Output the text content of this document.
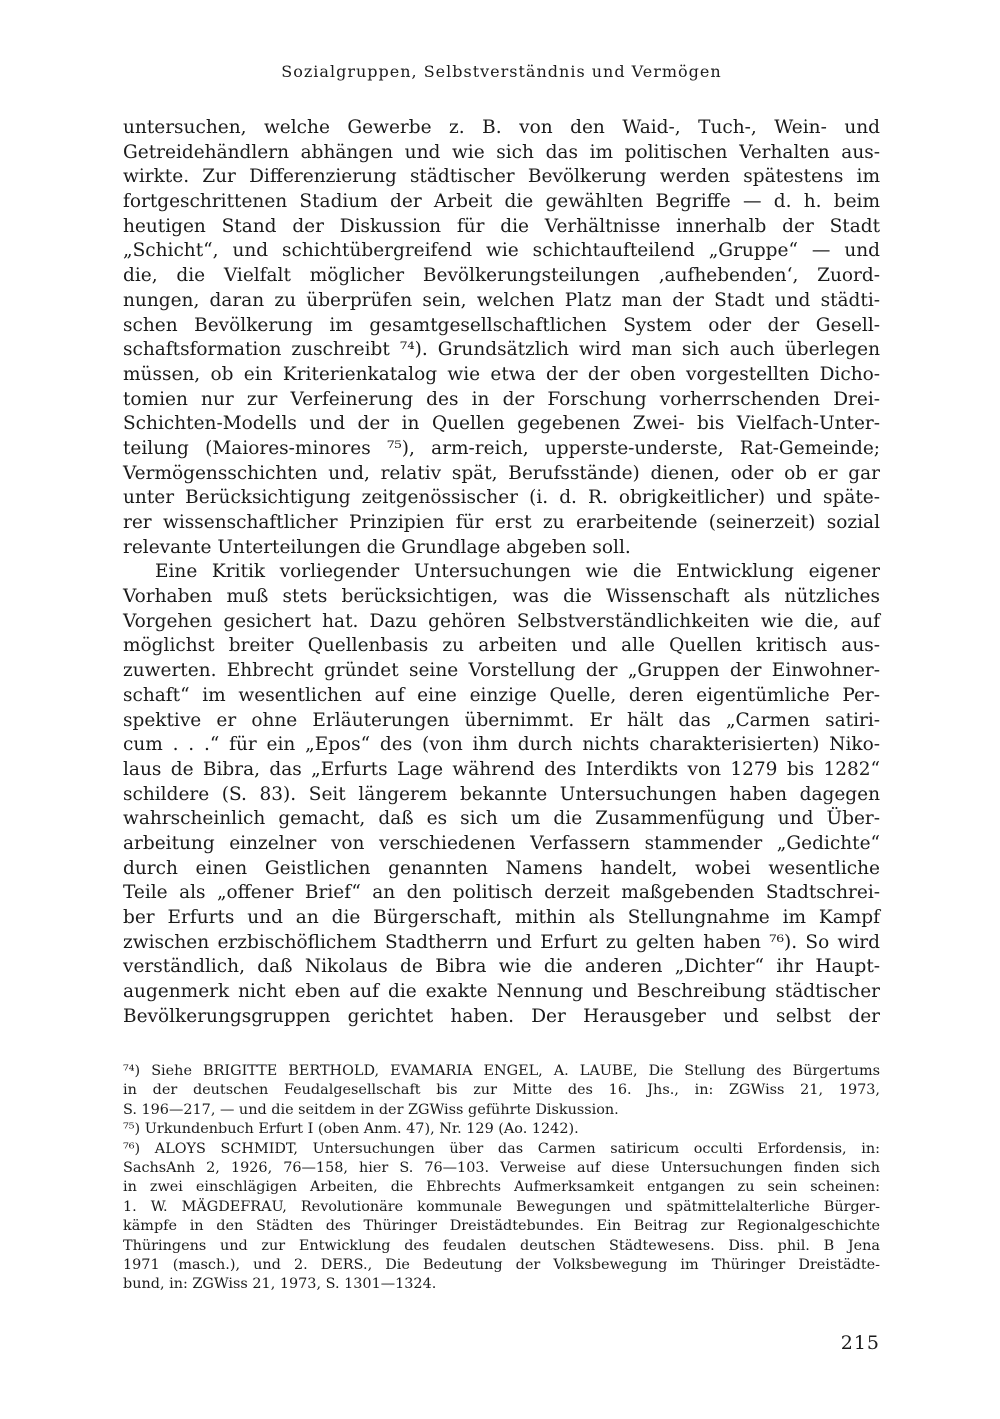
Sozialgruppen, Selbstverständnis und Vermögen
untersuchen, welche Gewerbe z. B. von den Waid-, Tuch-, Wein- und
Getreidehändlern abhängen und wie sich das im politischen Verhalten aus-
wirkte. Zur Differenzierung städtischer Bevölkerung werden spätestens im
fortgeschrittenen Stadium der Arbeit die gewählten Begriffe — d. h. beim
heutigen Stand der Diskussion für die Verhältnisse innerhalb der Stadt
„Schicht“, und schichtübergreifend wie schichtaufteilend „Gruppe“ — und
die, die Vielfalt möglicher Bevölkerungsteilungen ‚aufhebenden‘, Zuord-
nungen, daran zu überprüfen sein, welchen Platz man der Stadt und städti-
schen Bevölkerung im gesamtgesellschaftlichen System oder der Gesell-
schaftsformation zuschreibt ⁷⁴). Grundsätzlich wird man sich auch überlegen
müssen, ob ein Kriterienkatalog wie etwa der der oben vorgestellten Dicho-
tomien nur zur Verfeinerung des in der Forschung vorherrschenden Drei-
Schichten-Modells und der in Quellen gegebenen Zwei- bis Vielfach-Unter-
teilung (Maiores-minores ⁷⁵), arm-reich, upperste-underste, Rat-Gemeinde;
Vermögensschichten und, relativ spät, Berufsstände) dienen, oder ob er gar
unter Berücksichtigung zeitgenössischer (i. d. R. obrigkeitlicher) und späte-
rer wissenschaftlicher Prinzipien für erst zu erarbeitende (seinerzeit) sozial
relevante Unterteilungen die Grundlage abgeben soll.
Eine Kritik vorliegender Untersuchungen wie die Entwicklung eigener
Vorhaben muß stets berücksichtigen, was die Wissenschaft als nützliches
Vorgehen gesichert hat. Dazu gehören Selbstverständlichkeiten wie die, auf
möglichst breiter Quellenbasis zu arbeiten und alle Quellen kritisch aus-
zuwerten. Ehbrecht gründet seine Vorstellung der „Gruppen der Einwohner-
schaft“ im wesentlichen auf eine einzige Quelle, deren eigentümliche Per-
spektive er ohne Erläuterungen übernimmt. Er hält das „Carmen satiri-
cum . . .“ für ein „Epos“ des (von ihm durch nichts charakterisierten) Niko-
laus de Bibra, das „Erfurts Lage während des Interdikts von 1279 bis 1282“
schildere (S. 83). Seit längerem bekannte Untersuchungen haben dagegen
wahrscheinlich gemacht, daß es sich um die Zusammenfügung und Über-
arbeitung einzelner von verschiedenen Verfassern stammender „Gedichte“
durch einen Geistlichen genannten Namens handelt, wobei wesentliche
Teile als „offener Brief“ an den politisch derzeit maßgebenden Stadtschrei-
ber Erfurts und an die Bürgerschaft, mithin als Stellungnahme im Kampf
zwischen erzbischöflichem Stadtherrn und Erfurt zu gelten haben ⁷⁶). So wird
verständlich, daß Nikolaus de Bibra wie die anderen „Dichter“ ihr Haupt-
augenmerk nicht eben auf die exakte Nennung und Beschreibung städtischer
Bevölkerungsgruppen gerichtet haben. Der Herausgeber und selbst der
⁷⁴) Siehe BRIGITTE BERTHOLD, EVAMARIA ENGEL, A. LAUBE, Die Stellung des Bürgertums
in der deutschen Feudalgesellschaft bis zur Mitte des 16. Jhs., in: ZGWiss 21, 1973,
S. 196—217, — und die seitdem in der ZGWiss geführte Diskussion.
⁷⁵) Urkundenbuch Erfurt I (oben Anm. 47), Nr. 129 (Ao. 1242).
⁷⁶) ALOYS SCHMIDT, Untersuchungen über das Carmen satiricum occulti Erfordensis, in:
SachsAnh 2, 1926, 76—158, hier S. 76—103. Verweise auf diese Untersuchungen finden sich
in zwei einschlägigen Arbeiten, die Ehbrechts Aufmerksamkeit entgangen zu sein scheinen:
1. W. MÄGDEFRAU, Revolutionäre kommunale Bewegungen und spätmittelalterliche Bürger-
kämpfe in den Städten des Thüringer Dreistädtebundes. Ein Beitrag zur Regionalgeschichte
Thüringens und zur Entwicklung des feudalen deutschen Städtewesens. Diss. phil. B Jena
1971 (masch.), und 2. DERS., Die Bedeutung der Volksbewegung im Thüringer Dreistädte-
bund, in: ZGWiss 21, 1973, S. 1301—1324.
215
